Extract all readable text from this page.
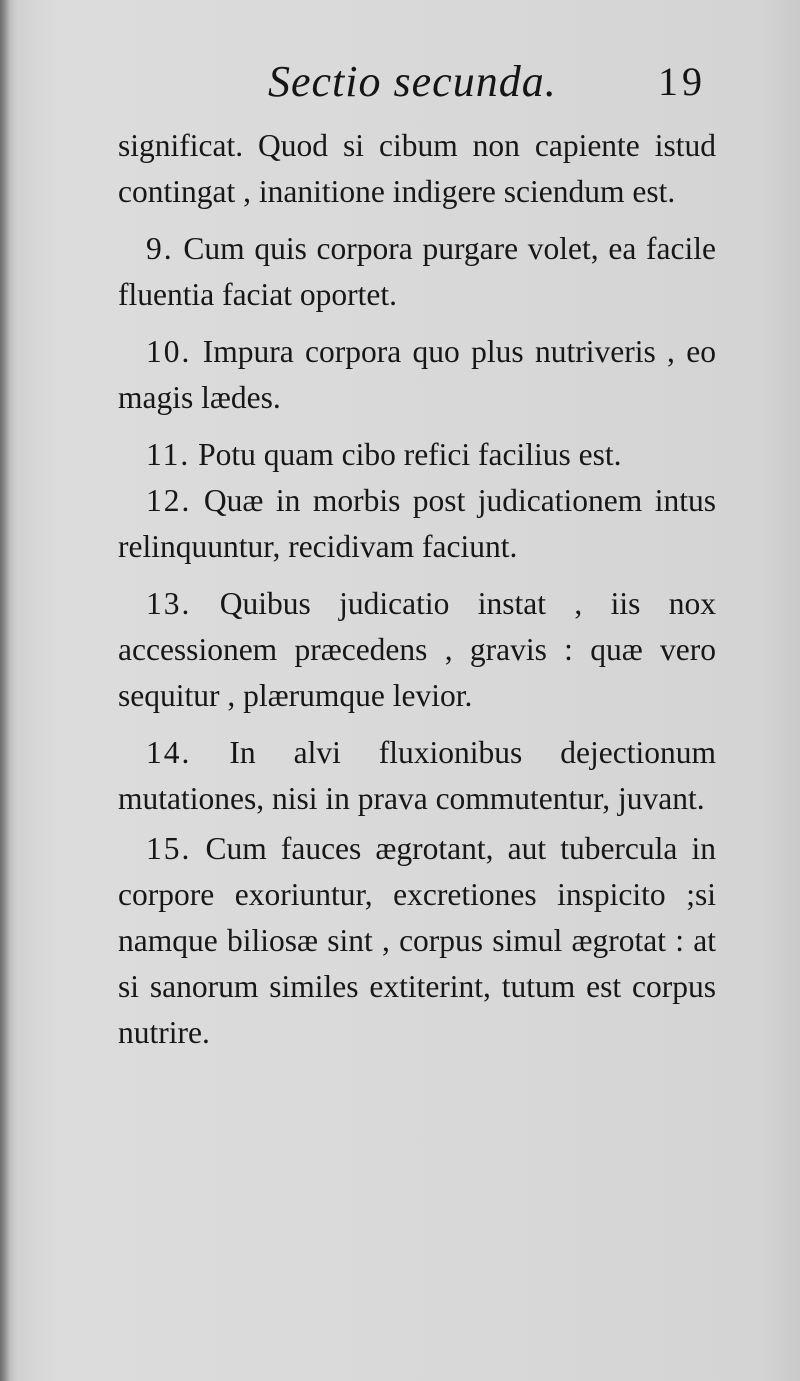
Sectio secunda.	19

significat. Quod si cibum non capiente istud contingat , inanitione indigere sciendum est.

9. Cum quis corpora purgare volet, ea facile fluentia faciat oportet.

10. Impura corpora quo plus nutriveris , eo magis lædes.

11. Potu quam cibo refici facilius est.

12. Quæ in morbis post judicationem intus relinquuntur, recidivam faciunt.

13. Quibus judicatio instat , iis nox accessionem præcedens , gravis : quæ vero sequitur , plærumque levior.

14. In alvi fluxionibus dejectionum mutationes, nisi in prava commutentur, juvant.

15. Cum fauces ægrotant, aut tubercula in corpore exoriuntur, excretiones inspicito ;si namque biliosæ sint , corpus simul ægrotat : at si sanorum similes extiterint, tutum est corpus nutrire.
